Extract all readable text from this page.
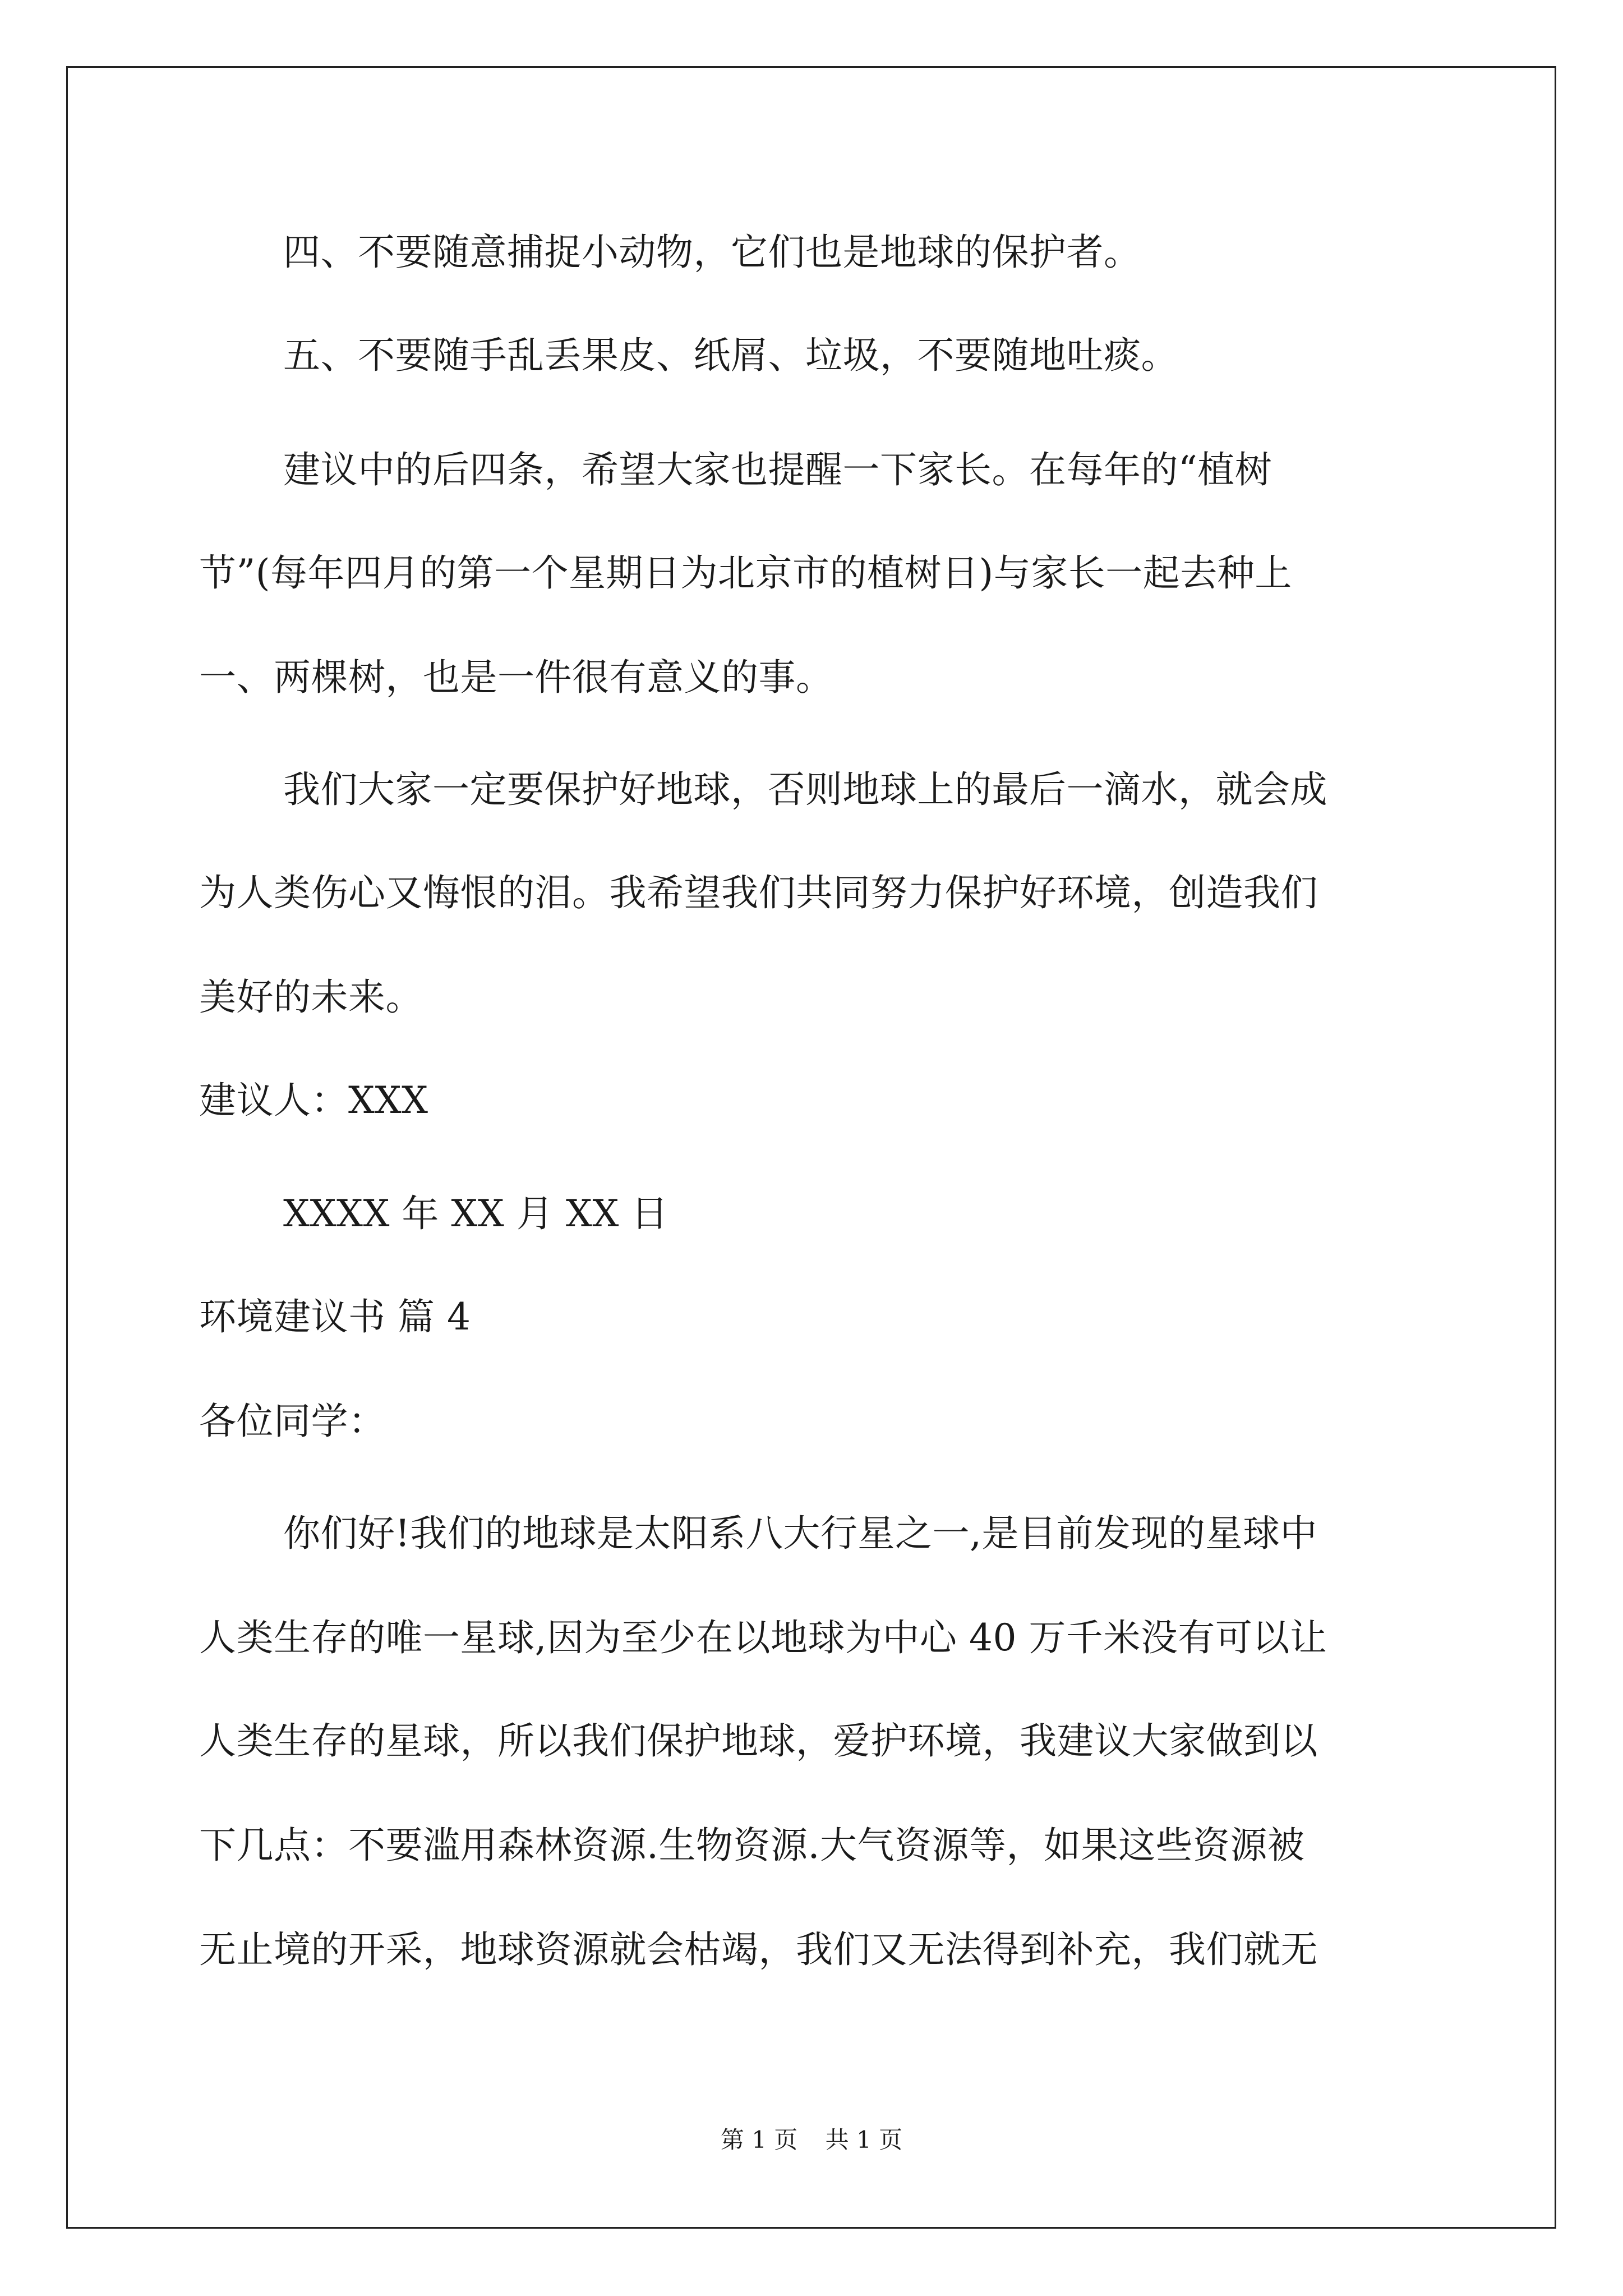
四、不要随意捕捉小动物，它们也是地球的保护者。
五、不要随手乱丢果皮、纸屑、垃圾，不要随地吐痰。
建议中的后四条，希望大家也提醒一下家长。在每年的“植树
节”(每年四月的第一个星期日为北京市的植树日)与家长一起去种上
一、两棵树，也是一件很有意义的事。
我们大家一定要保护好地球，否则地球上的最后一滴水，就会成
为人类伤心又悔恨的泪。我希望我们共同努力保护好环境，创造我们
美好的未来。
建议人：XXX
XXXX 年 XX 月 XX 日
环境建议书 篇 4
各位同学：
你们好!我们的地球是太阳系八大行星之一,是目前发现的星球中
人类生存的唯一星球,因为至少在以地球为中心 40 万千米没有可以让
人类生存的星球，所以我们保护地球，爱护环境，我建议大家做到以
下几点：不要滥用森林资源.生物资源.大气资源等，如果这些资源被
无止境的开采，地球资源就会枯竭，我们又无法得到补充，我们就无
第 1 页 共 1 页
